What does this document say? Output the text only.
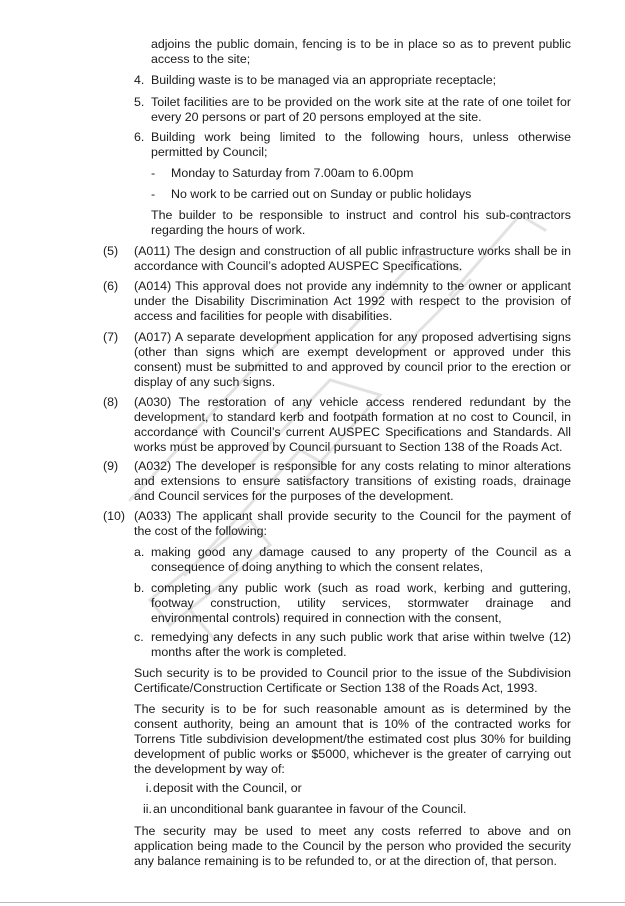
adjoins the public domain, fencing is to be in place so as to prevent public access to the site;

4. Building waste is to be managed via an appropriate receptacle;

5. Toilet facilities are to be provided on the work site at the rate of one toilet for every 20 persons or part of 20 persons employed at the site.

6. Building work being limited to the following hours, unless otherwise permitted by Council;

- Monday to Saturday from 7.00am to 6.00pm

- No work to be carried out on Sunday or public holidays

The builder to be responsible to instruct and control his sub-contractors regarding the hours of work.

(5) (A011) The design and construction of all public infrastructure works shall be in accordance with Council’s adopted AUSPEC Specifications.

(6) (A014) This approval does not provide any indemnity to the owner or applicant under the Disability Discrimination Act 1992 with respect to the provision of access and facilities for people with disabilities.

(7) (A017) A separate development application for any proposed advertising signs (other than signs which are exempt development or approved under this consent) must be submitted to and approved by council prior to the erection or display of any such signs.

(8) (A030) The restoration of any vehicle access rendered redundant by the development, to standard kerb and footpath formation at no cost to Council, in accordance with Council’s current AUSPEC Specifications and Standards. All works must be approved by Council pursuant to Section 138 of the Roads Act.

(9) (A032) The developer is responsible for any costs relating to minor alterations and extensions to ensure satisfactory transitions of existing roads, drainage and Council services for the purposes of the development.

(10) (A033) The applicant shall provide security to the Council for the payment of the cost of the following:

a. making good any damage caused to any property of the Council as a consequence of doing anything to which the consent relates,

b. completing any public work (such as road work, kerbing and guttering, footway construction, utility services, stormwater drainage and environmental controls) required in connection with the consent,

c. remedying any defects in any such public work that arise within twelve (12) months after the work is completed.

Such security is to be provided to Council prior to the issue of the Subdivision Certificate/Construction Certificate or Section 138 of the Roads Act, 1993.

The security is to be for such reasonable amount as is determined by the consent authority, being an amount that is 10% of the contracted works for Torrens Title subdivision development/the estimated cost plus 30% for building development of public works or $5000, whichever is the greater of carrying out the development by way of:

i. deposit with the Council, or

ii. an unconditional bank guarantee in favour of the Council.

The security may be used to meet any costs referred to above and on application being made to the Council by the person who provided the security any balance remaining is to be refunded to, or at the direction of, that person.
